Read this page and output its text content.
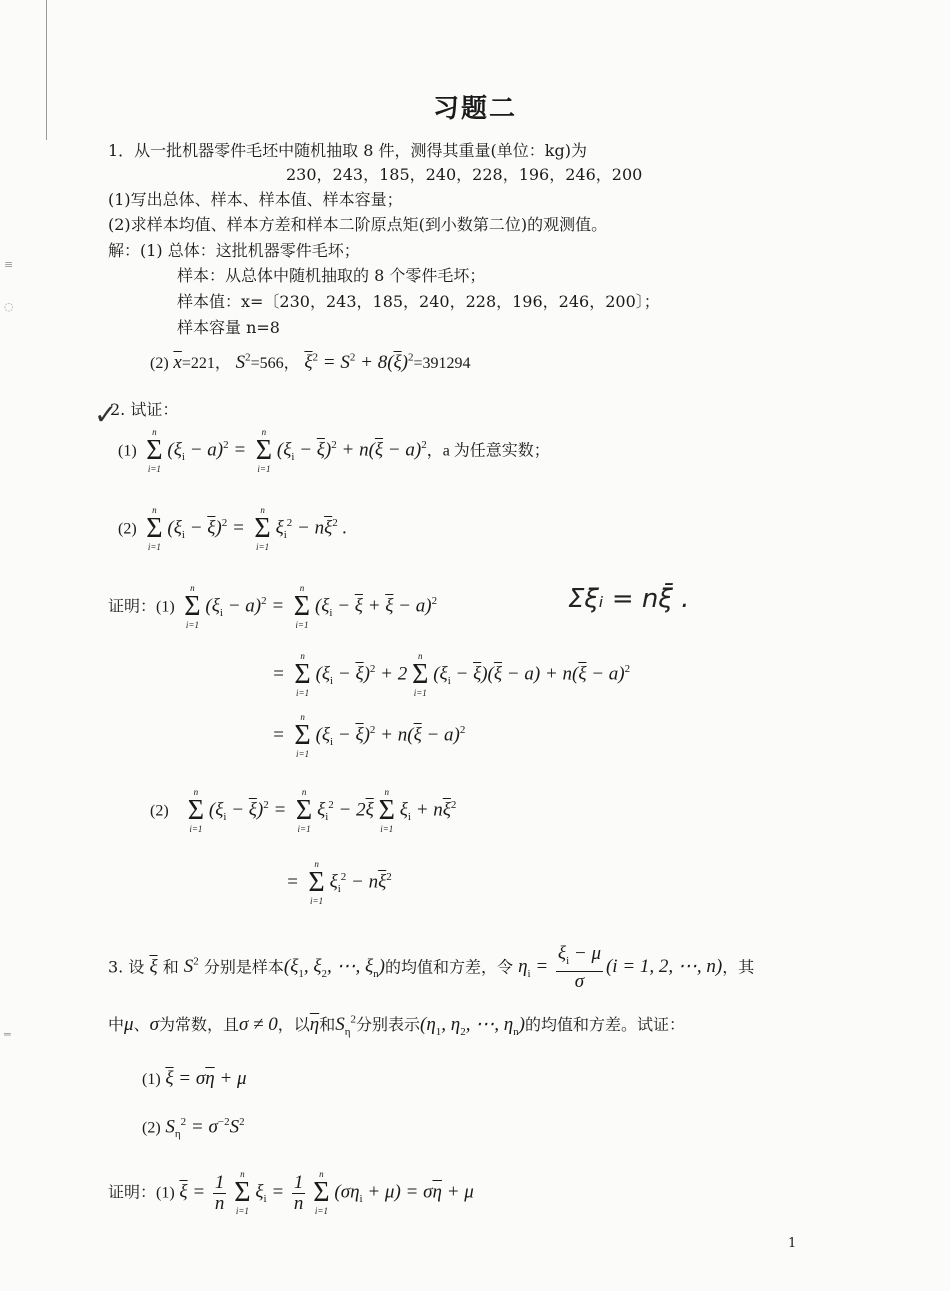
≡
◌
═
习题二
1．从一批机器零件毛坯中随机抽取 8 件，测得其重量(单位：kg)为
230，243，185，240，228，196，246，200
(1)写出总体、样本、样本值、样本容量；
(2)求样本均值、样本方差和样本二阶原点矩(到小数第二位)的观测值。
解：(1) 总体：这批机器零件毛坏；
样本：从总体中随机抽取的 8 个零件毛坏；
样本值：x=〔230，243，185，240，228，196，246，200〕；
样本容量 n=8
(2) $\overline{x}=221$， $S^2=566$， $\overline{\xi}^2 = S^2 + 8(\overline{\xi})^2=391294$
✓
2. 试证：
(1)
n
Σ
i=1
$(\xi_i - a)^2$ =
n
Σ
i=1
$(\xi_i - \overline{\xi})^2 + n(\overline{\xi} - a)^2$，a 为任意实数；
(2)
n
Σ
i=1
$(\xi_i - \overline{\xi})^2$ =
n
Σ
i=1
$\xi_i^2 - n\overline{\xi}^2$ .
证明：(1)
n
Σ
i=1
$(\xi_i - a)^2$ =
n
Σ
i=1
$(\xi_i - \overline{\xi} + \overline{\xi} - a)^2$	Σξᵢ = nξ̄ .
=
n
Σ
i=1
$(\xi_i - \overline{\xi})^2 + 2$
n
Σ
i=1
$(\xi_i - \overline{\xi})(\overline{\xi} - a) + n(\overline{\xi} - a)^2$
=
n
Σ
i=1
$(\xi_i - \overline{\xi})^2 + n(\overline{\xi} - a)^2$
(2)
n
Σ
i=1
$(\xi_i - \overline{\xi})^2$ =
n
Σ
i=1
$\xi_i^2 - 2\overline{\xi}$
n
Σ
i=1
$\xi_i + n\overline{\xi}^2$
=
n
Σ
i=1
$\xi_i^2 - n\overline{\xi}^2$
3. 设 $\overline{\xi}$ 和 $S^2$ 分别是样本($\xi_1$, $\xi_2$, ⋯, $\xi_n$)的均值和方差，令 $\eta_i = \frac{\xi_i - \mu}{\sigma} (i = 1$, 2, ⋯, n)，其
中μ、σ为常数，且σ ≠ 0，以$\overline{\eta}$和$S_\eta^2$分别表示($\eta_1$, $\eta_2$, ⋯, $\eta_n$)的均值和方差。试证：
(1) $\overline{\xi} = \sigma\overline{\eta} + \mu$
(2) $S_\eta^2 = \sigma^{-2}S^2$
证明：(1) $\overline{\xi} = \frac{1}{n}$	n
Σ
i=1
$\xi_i = \frac{1}{n}$	n
Σ
i=1
$(\sigma\eta_i + \mu) = \sigma\overline{\eta} + \mu$
1
